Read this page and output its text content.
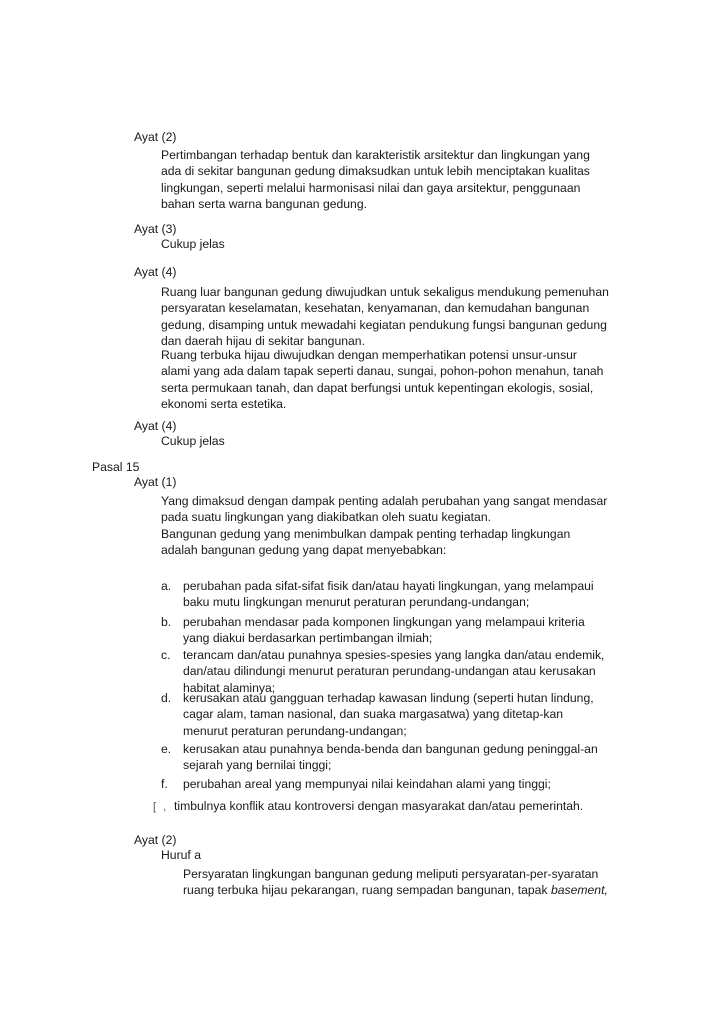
Ayat (2)

Pertimbangan terhadap bentuk dan karakteristik arsitektur dan lingkungan yang ada di sekitar bangunan gedung dimaksudkan untuk lebih menciptakan kualitas lingkungan, seperti melalui harmonisasi nilai dan gaya arsitektur, penggunaan bahan serta warna bangunan gedung.

Ayat (3)

Cukup jelas

Ayat (4)

Ruang luar bangunan gedung diwujudkan untuk sekaligus mendukung pemenuhan persyaratan keselamatan, kesehatan, kenyamanan, dan kemudahan bangunan gedung, disamping untuk mewadahi kegiatan pendukung fungsi bangunan gedung dan daerah hijau di sekitar bangunan.

Ruang terbuka hijau diwujudkan dengan memperhatikan potensi unsur-unsur alami yang ada dalam tapak seperti danau, sungai, pohon-pohon menahun, tanah serta permukaan tanah, dan dapat berfungsi untuk kepentingan ekologis, sosial, ekonomi serta estetika.

Ayat (4)

Cukup jelas

Pasal 15

Ayat (1)

Yang dimaksud dengan dampak penting adalah perubahan yang sangat mendasar pada suatu lingkungan yang diakibatkan oleh suatu kegiatan.

Bangunan gedung yang menimbulkan dampak penting terhadap lingkungan adalah bangunan gedung yang dapat menyebabkan:

a. perubahan pada sifat-sifat fisik dan/atau hayati lingkungan, yang melampaui baku mutu lingkungan menurut peraturan perundang-undangan;
b. perubahan mendasar pada komponen lingkungan yang melampaui kriteria yang diakui berdasarkan pertimbangan ilmiah;
c. terancam dan/atau punahnya spesies-spesies yang langka dan/atau endemik, dan/atau dilindungi menurut peraturan perundang-undangan atau kerusakan habitat alaminya;
d. kerusakan atau gangguan terhadap kawasan lindung (seperti hutan lindung, cagar alam, taman nasional, dan suaka margasatwa) yang ditetap-kan menurut peraturan perundang-undangan;
e. kerusakan atau punahnya benda-benda dan bangunan gedung peninggal-an sejarah yang bernilai tinggi;
f. perubahan areal yang mempunyai nilai keindahan alami yang tinggi;
[ , timbulnya konflik atau kontroversi dengan masyarakat dan/atau pemerintah.

Ayat (2)

Huruf a

Persyaratan lingkungan bangunan gedung meliputi persyaratan-per-syaratan ruang terbuka hijau pekarangan, ruang sempadan bangunan, tapak basement,
